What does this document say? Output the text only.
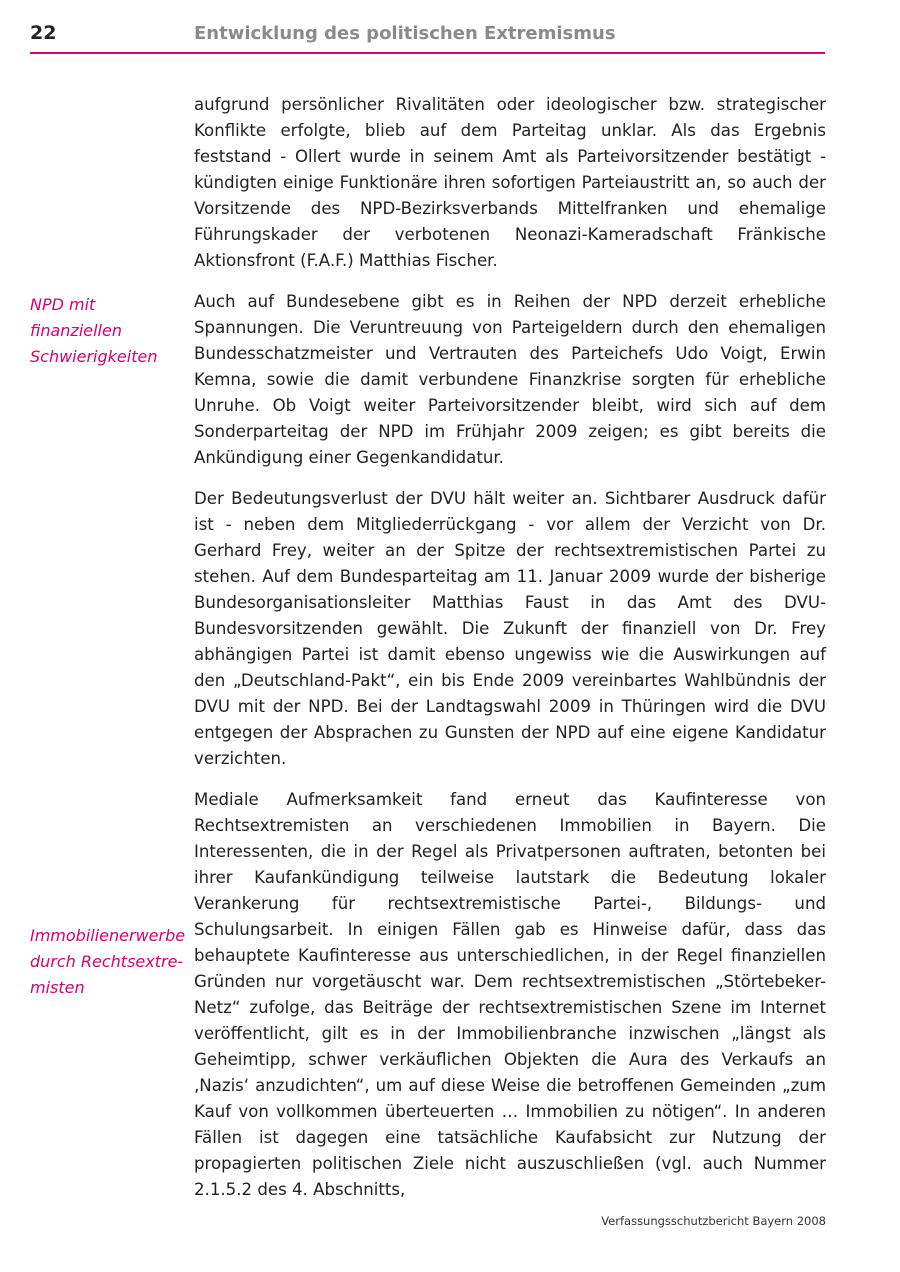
22	Entwicklung des politischen Extremismus
NPD mit
finanziellen
Schwierigkeiten
Immobilienerwerbe
durch Rechtsextre-
misten

aufgrund persönlicher Rivalitäten oder ideologischer bzw. strategischer Konflikte erfolgte, blieb auf dem Parteitag unklar. Als das Ergebnis feststand - Ollert wurde in seinem Amt als Parteivorsitzender bestätigt - kündigten einige Funktionäre ihren sofortigen Parteiaustritt an, so auch der Vorsitzende des NPD-Bezirksverbands Mittelfranken und ehemalige Führungskader der verbotenen Neonazi-Kameradschaft Fränkische Aktionsfront (F.A.F.) Matthias Fischer.

Auch auf Bundesebene gibt es in Reihen der NPD derzeit erhebliche Spannungen. Die Veruntreuung von Parteigeldern durch den ehemaligen Bundesschatzmeister und Vertrauten des Parteichefs Udo Voigt, Erwin Kemna, sowie die damit verbundene Finanzkrise sorgten für erhebliche Unruhe. Ob Voigt weiter Parteivorsitzender bleibt, wird sich auf dem Sonderparteitag der NPD im Frühjahr 2009 zeigen; es gibt bereits die Ankündigung einer Gegenkandidatur.

Der Bedeutungsverlust der DVU hält weiter an. Sichtbarer Ausdruck dafür ist - neben dem Mitgliederrückgang - vor allem der Verzicht von Dr. Gerhard Frey, weiter an der Spitze der rechtsextremistischen Partei zu stehen. Auf dem Bundesparteitag am 11. Januar 2009 wurde der bisherige Bundesorganisationsleiter Matthias Faust in das Amt des DVU-Bundesvorsitzenden gewählt. Die Zukunft der finanziell von Dr. Frey abhängigen Partei ist damit ebenso ungewiss wie die Auswirkungen auf den „Deutschland-Pakt“, ein bis Ende 2009 vereinbartes Wahlbündnis der DVU mit der NPD. Bei der Landtagswahl 2009 in Thüringen wird die DVU entgegen der Absprachen zu Gunsten der NPD auf eine eigene Kandidatur verzichten.

Mediale Aufmerksamkeit fand erneut das Kaufinteresse von Rechtsextremisten an verschiedenen Immobilien in Bayern. Die Interessenten, die in der Regel als Privatpersonen auftraten, betonten bei ihrer Kaufankündigung teilweise lautstark die Bedeutung lokaler Verankerung für rechtsextremistische Partei-, Bildungs- und Schulungsarbeit. In einigen Fällen gab es Hinweise dafür, dass das behauptete Kaufinteresse aus unterschiedlichen, in der Regel finanziellen Gründen nur vorgetäuscht war. Dem rechtsextremistischen „Störtebeker-Netz“ zufolge, das Beiträge der rechtsextremistischen Szene im Internet veröffentlicht, gilt es in der Immobilienbranche inzwischen „längst als Geheimtipp, schwer verkäuflichen Objekten die Aura des Verkaufs an ‚Nazis‘ anzudichten“, um auf diese Weise die betroffenen Gemeinden „zum Kauf von vollkommen überteuerten … Immobilien zu nötigen“. In anderen Fällen ist dagegen eine tatsächliche Kaufabsicht zur Nutzung der propagierten politischen Ziele nicht auszuschließen (vgl. auch Nummer 2.1.5.2 des 4. Abschnitts,

Verfassungsschutzbericht Bayern 2008
